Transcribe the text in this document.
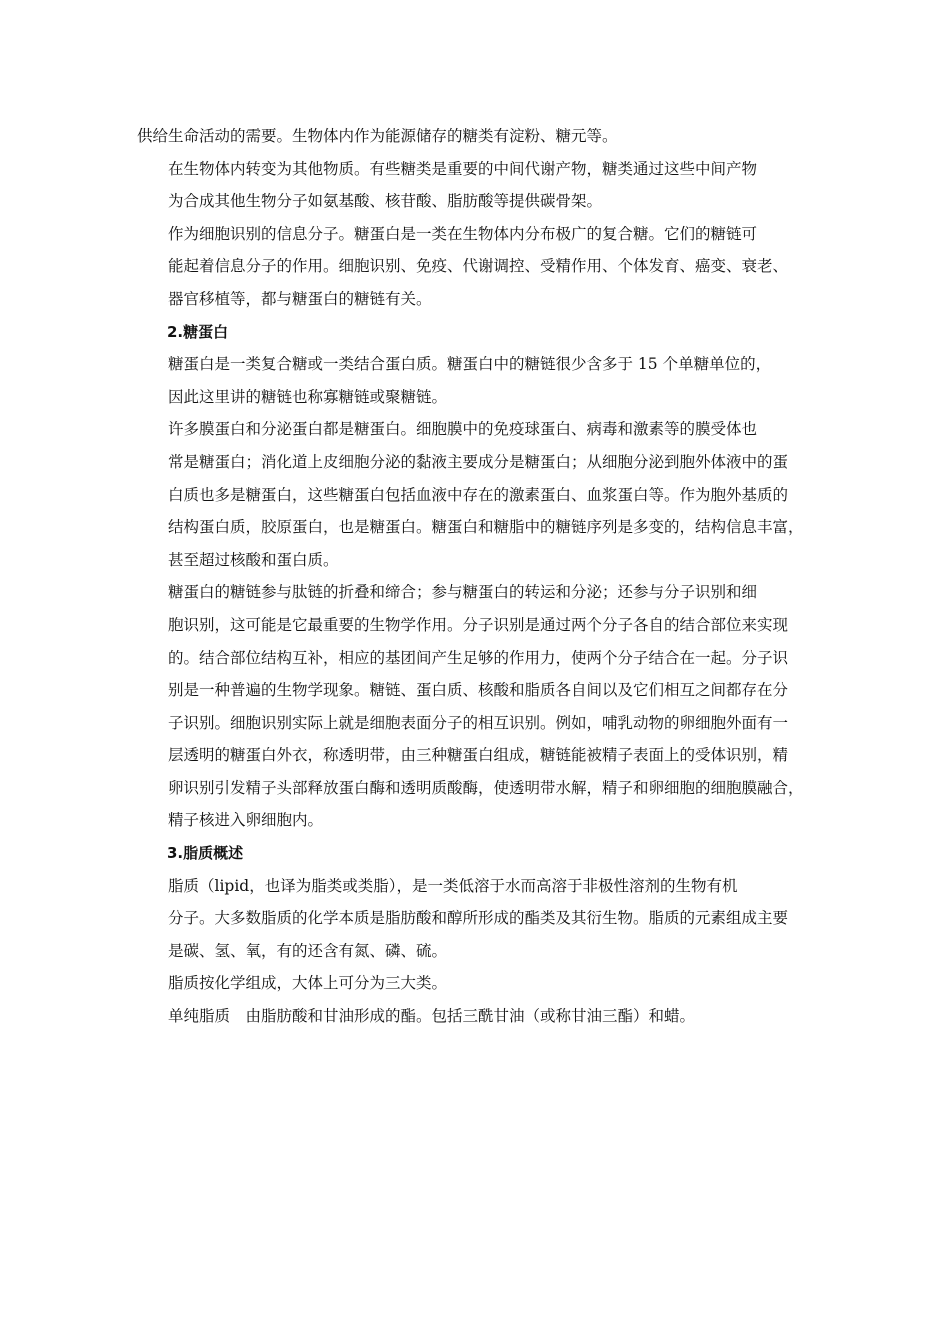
供给生命活动的需要。生物体内作为能源储存的糖类有淀粉、糖元等。

在生物体内转变为其他物质。有些糖类是重要的中间代谢产物，糖类通过这些中间产物
为合成其他生物分子如氨基酸、核苷酸、脂肪酸等提供碳骨架。

作为细胞识别的信息分子。糖蛋白是一类在生物体内分布极广的复合糖。它们的糖链可
能起着信息分子的作用。细胞识别、免疫、代谢调控、受精作用、个体发育、癌变、衰老、
器官移植等，都与糖蛋白的糖链有关。

2.糖蛋白

糖蛋白是一类复合糖或一类结合蛋白质。糖蛋白中的糖链很少含多于 15 个单糖单位的，
因此这里讲的糖链也称寡糖链或聚糖链。

许多膜蛋白和分泌蛋白都是糖蛋白。细胞膜中的免疫球蛋白、病毒和激素等的膜受体也
常是糖蛋白；消化道上皮细胞分泌的黏液主要成分是糖蛋白；从细胞分泌到胞外体液中的蛋
白质也多是糖蛋白，这些糖蛋白包括血液中存在的激素蛋白、血浆蛋白等。作为胞外基质的
结构蛋白质，胶原蛋白，也是糖蛋白。糖蛋白和糖脂中的糖链序列是多变的，结构信息丰富，
甚至超过核酸和蛋白质。

糖蛋白的糖链参与肽链的折叠和缔合；参与糖蛋白的转运和分泌；还参与分子识别和细
胞识别，这可能是它最重要的生物学作用。分子识别是通过两个分子各自的结合部位来实现
的。结合部位结构互补，相应的基团间产生足够的作用力，使两个分子结合在一起。分子识
别是一种普遍的生物学现象。糖链、蛋白质、核酸和脂质各自间以及它们相互之间都存在分
子识别。细胞识别实际上就是细胞表面分子的相互识别。例如，哺乳动物的卵细胞外面有一
层透明的糖蛋白外衣，称透明带，由三种糖蛋白组成，糖链能被精子表面上的受体识别，精
卵识别引发精子头部释放蛋白酶和透明质酸酶，使透明带水解，精子和卵细胞的细胞膜融合，
精子核进入卵细胞内。

3.脂质概述

脂质（lipid，也译为脂类或类脂），是一类低溶于水而高溶于非极性溶剂的生物有机
分子。大多数脂质的化学本质是脂肪酸和醇所形成的酯类及其衍生物。脂质的元素组成主要
是碳、氢、氧，有的还含有氮、磷、硫。

脂质按化学组成，大体上可分为三大类。

单纯脂质　由脂肪酸和甘油形成的酯。包括三酰甘油（或称甘油三酯）和蜡。
